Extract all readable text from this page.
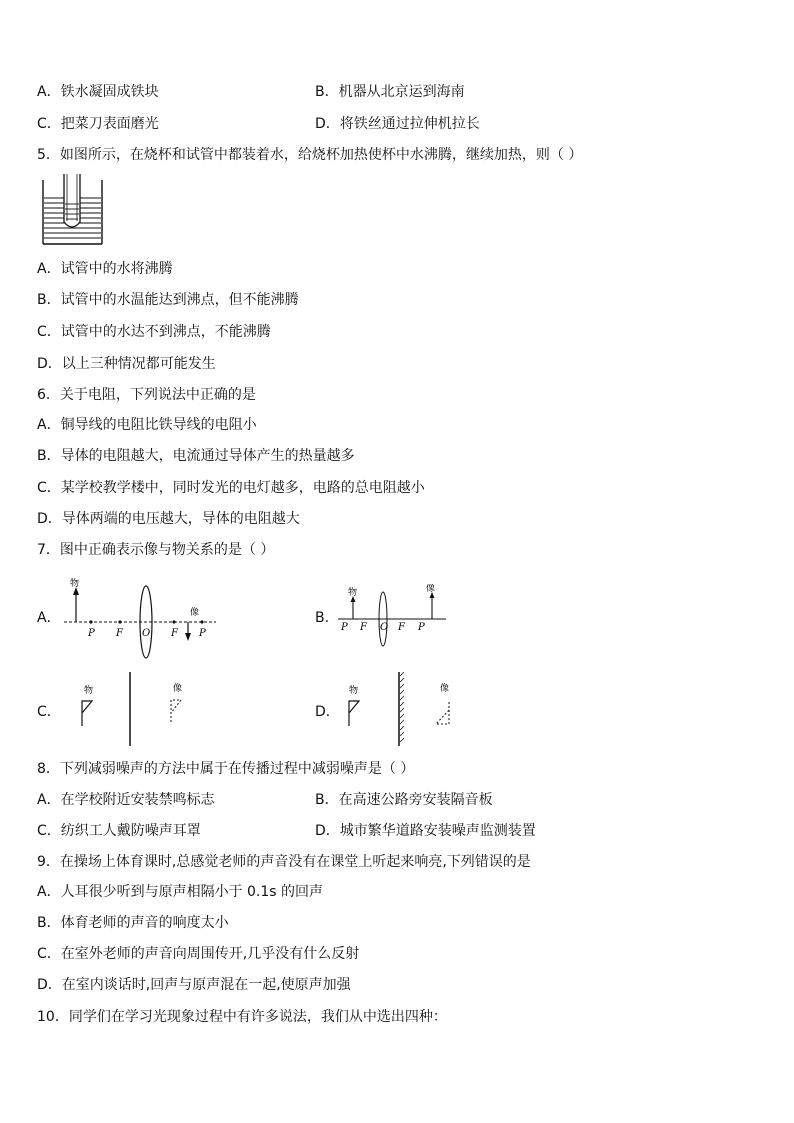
A．铁水凝固成铁块	B．机器从北京运到海南
C．把菜刀表面磨光	D．将铁丝通过拉伸机拉长
5．如图所示，在烧杯和试管中都装着水，给烧杯加热使杯中水沸腾，继续加热，则（ ）
A．试管中的水将沸腾
B．试管中的水温能达到沸点，但不能沸腾
C．试管中的水达不到沸点，不能沸腾
D．以上三种情况都可能发生
6．关于电阻，下列说法中正确的是
A．铜导线的电阻比铁导线的电阻小
B．导体的电阻越大，电流通过导体产生的热量越多
C．某学校教学楼中，同时发光的电灯越多，电路的总电阻越小
D．导体两端的电压越大，导体的电阻越大
7．图中正确表示像与物关系的是（ ）
A．
物
P F O F P
像	B．
物	像
P F O F P
C．
物	像
D．
物	像
8．下列减弱噪声的方法中属于在传播过程中减弱噪声是（ ）
A．在学校附近安装禁鸣标志	B．在高速公路旁安装隔音板
C．纺织工人戴防噪声耳罩	D．城市繁华道路安装噪声监测装置
9．在操场上体育课时,总感觉老师的声音没有在课堂上听起来响亮,下列错误的是
A．人耳很少听到与原声相隔小于 0.1s 的回声
B．体育老师的声音的响度太小
C．在室外老师的声音向周围传开,几乎没有什么反射
D．在室内谈话时,回声与原声混在一起,使原声加强
10．同学们在学习光现象过程中有许多说法，我们从中选出四种：
